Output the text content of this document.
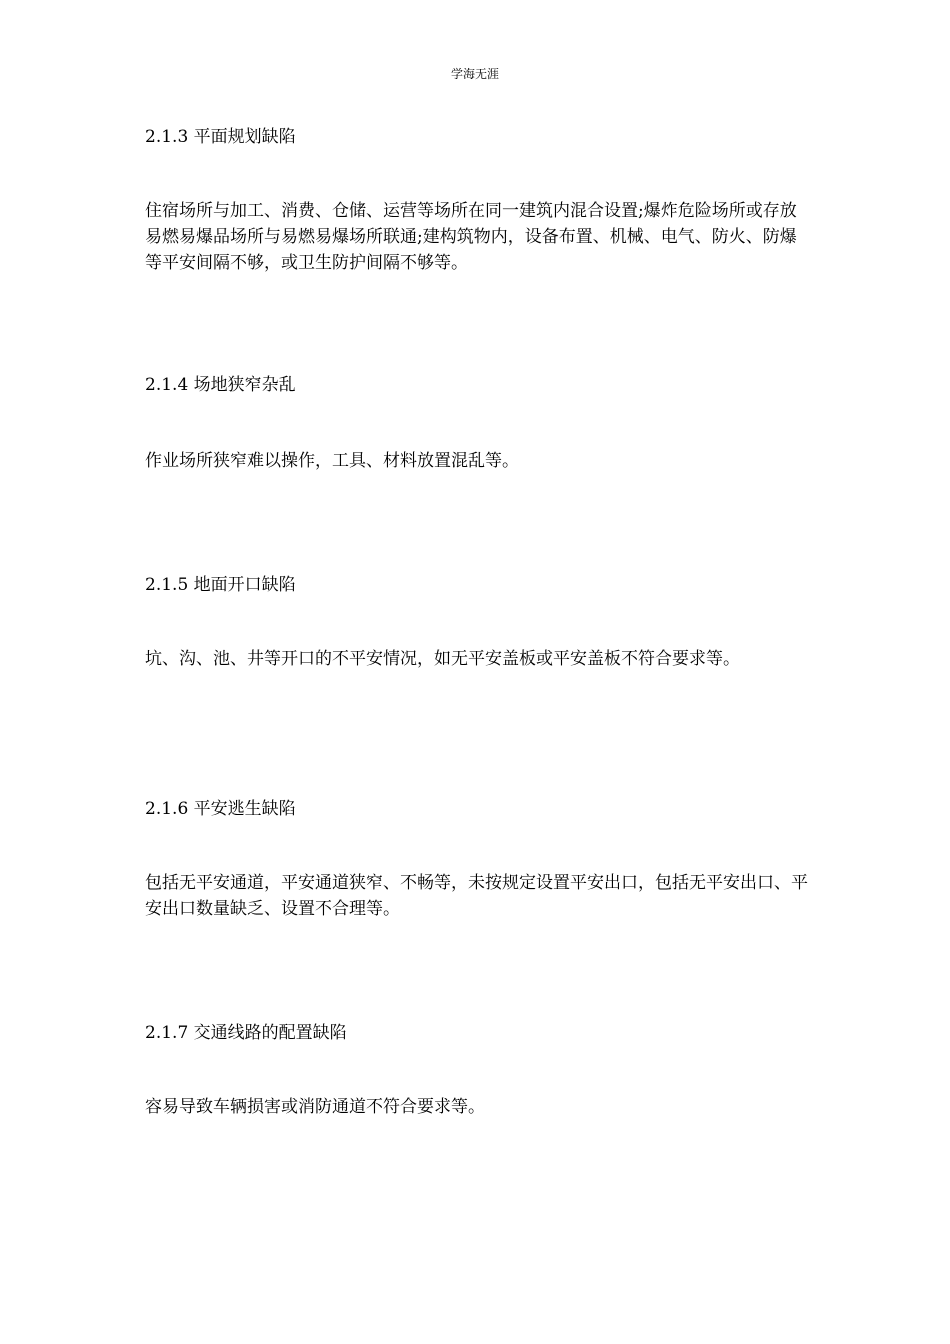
学海无涯

2.1.3 平面规划缺陷

住宿场所与加工、消费、仓储、运营等场所在同一建筑内混合设置;爆炸危险场所或存放易燃易爆品场所与易燃易爆场所联通;建构筑物内，设备布置、机械、电气、防火、防爆等平安间隔不够，或卫生防护间隔不够等。

2.1.4 场地狭窄杂乱

作业场所狭窄难以操作，工具、材料放置混乱等。

2.1.5 地面开口缺陷

坑、沟、池、井等开口的不平安情况，如无平安盖板或平安盖板不符合要求等。

2.1.6 平安逃生缺陷

包括无平安通道，平安通道狭窄、不畅等，未按规定设置平安出口，包括无平安出口、平安出口数量缺乏、设置不合理等。

2.1.7 交通线路的配置缺陷

容易导致车辆损害或消防通道不符合要求等。
